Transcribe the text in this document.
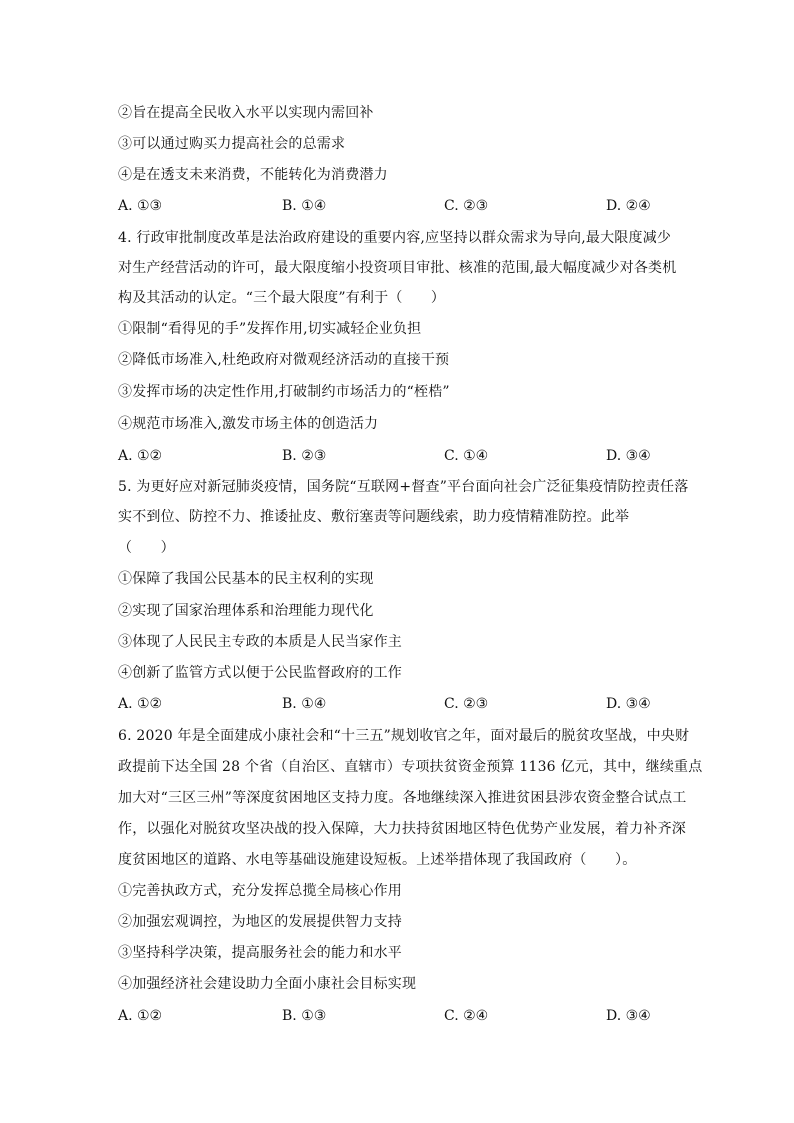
②旨在提高全民收入水平以实现内需回补
③可以通过购买力提高社会的总需求
④是在透支未来消费，不能转化为消费潜力
A. ①③	B. ①④	C. ②③	D. ②④
4. 行政审批制度改革是法治政府建设的重要内容,应坚持以群众需求为导向,最大限度减少
对生产经营活动的许可，最大限度缩小投资项目审批、核准的范围,最大幅度减少对各类机
构及其活动的认定。“三个最大限度”有利于（　　）
①限制“看得见的手”发挥作用,切实减轻企业负担
②降低市场准入,杜绝政府对微观经济活动的直接干预
③发挥市场的决定性作用,打破制约市场活力的“桎梏”
④规范市场准入,激发市场主体的创造活力
A. ①②	B. ②③	C. ①④	D. ③④
5. 为更好应对新冠肺炎疫情，国务院“互联网+督查”平台面向社会广泛征集疫情防控责任落
实不到位、防控不力、推诿扯皮、敷衍塞责等问题线索，助力疫情精准防控。此举
（　　）
①保障了我国公民基本的民主权利的实现
②实现了国家治理体系和治理能力现代化
③体现了人民民主专政的本质是人民当家作主
④创新了监管方式以便于公民监督政府的工作
A. ①②	B. ①④	C. ②③	D. ③④
6. 2020 年是全面建成小康社会和“十三五”规划收官之年，面对最后的脱贫攻坚战，中央财
政提前下达全国 28 个省（自治区、直辖市）专项扶贫资金预算 1136 亿元，其中，继续重点
加大对“三区三州”等深度贫困地区支持力度。各地继续深入推进贫困县涉农资金整合试点工
作，以强化对脱贫攻坚决战的投入保障，大力扶持贫困地区特色优势产业发展，着力补齐深
度贫困地区的道路、水电等基础设施建设短板。上述举措体现了我国政府（　　）。
①完善执政方式，充分发挥总揽全局核心作用
②加强宏观调控，为地区的发展提供智力支持
③坚持科学决策，提高服务社会的能力和水平
④加强经济社会建设助力全面小康社会目标实现
A. ①②	B. ①③	C. ②④	D. ③④
